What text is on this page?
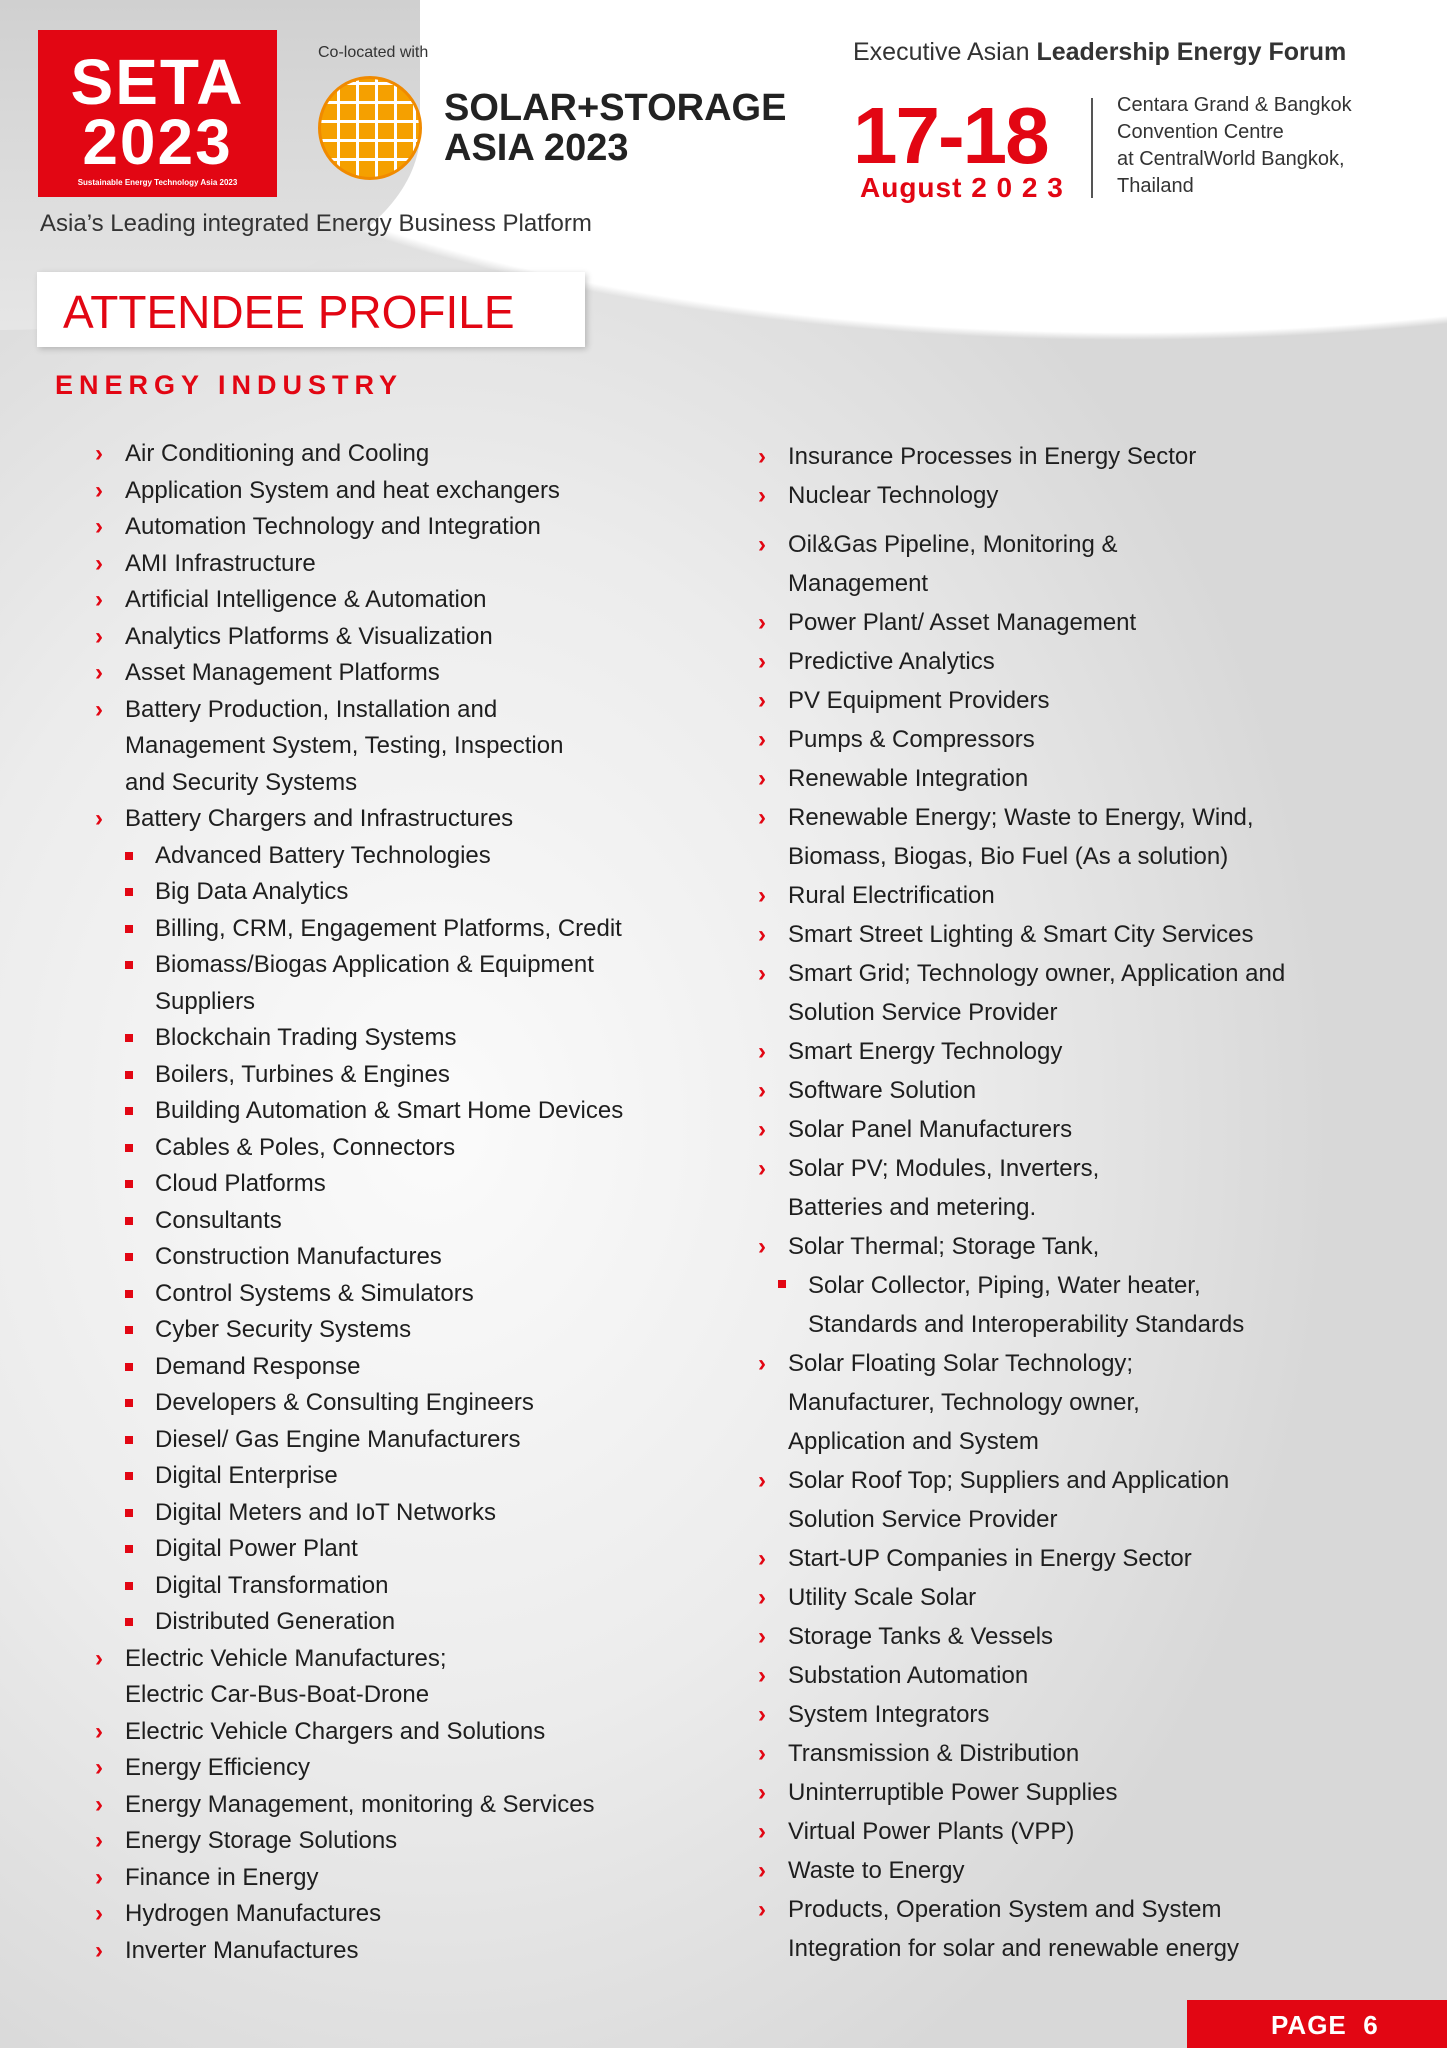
SETA
2023
Sustainable Energy Technology Asia 2023
Co-located with
SOLAR+STORAGE
ASIA 2023
Asia’s Leading integrated Energy Business Platform
Executive Asian Leadership Energy Forum
17-18
August 2 0 2 3
Centara Grand & Bangkok
Convention Centre
at CentralWorld Bangkok,
Thailand
ATTENDEE PROFILE
ENERGY INDUSTRY
› Air Conditioning and Cooling
› Application System and heat exchangers
› Automation Technology and Integration
› AMI Infrastructure
› Artificial Intelligence & Automation
› Analytics Platforms & Visualization
› Asset Management Platforms
› Battery Production, Installation and
Management System, Testing, Inspection
and Security Systems
› Battery Chargers and Infrastructures
Advanced Battery Technologies
Big Data Analytics
Billing, CRM, Engagement Platforms, Credit
Biomass/Biogas Application & Equipment
Suppliers
Blockchain Trading Systems
Boilers, Turbines & Engines
Building Automation & Smart Home Devices
Cables & Poles, Connectors
Cloud Platforms
Consultants
Construction Manufactures
Control Systems & Simulators
Cyber Security Systems
Demand Response
Developers & Consulting Engineers
Diesel/ Gas Engine Manufacturers
Digital Enterprise
Digital Meters and IoT Networks
Digital Power Plant
Digital Transformation
Distributed Generation
› Electric Vehicle Manufactures;
Electric Car-Bus-Boat-Drone
› Electric Vehicle Chargers and Solutions
› Energy Efficiency
› Energy Management, monitoring & Services
› Energy Storage Solutions
› Finance in Energy
› Hydrogen Manufactures
› Inverter Manufactures
› Insurance Processes in Energy Sector
› Nuclear Technology
› Oil&Gas Pipeline, Monitoring &
Management
› Power Plant/ Asset Management
› Predictive Analytics
› PV Equipment Providers
› Pumps & Compressors
› Renewable Integration
› Renewable Energy; Waste to Energy, Wind,
Biomass, Biogas, Bio Fuel (As a solution)
› Rural Electrification
› Smart Street Lighting & Smart City Services
› Smart Grid; Technology owner, Application and
Solution Service Provider
› Smart Energy Technology
› Software Solution
› Solar Panel Manufacturers
› Solar PV; Modules, Inverters,
Batteries and metering.
› Solar Thermal; Storage Tank,
Solar Collector, Piping, Water heater,
Standards and Interoperability Standards
› Solar Floating Solar Technology;
Manufacturer, Technology owner,
Application and System
› Solar Roof Top; Suppliers and Application
Solution Service Provider
› Start-UP Companies in Energy Sector
› Utility Scale Solar
› Storage Tanks & Vessels
› Substation Automation
› System Integrators
› Transmission & Distribution
› Uninterruptible Power Supplies
› Virtual Power Plants (VPP)
› Waste to Energy
› Products, Operation System and System
Integration for solar and renewable energy
PAGE  6
